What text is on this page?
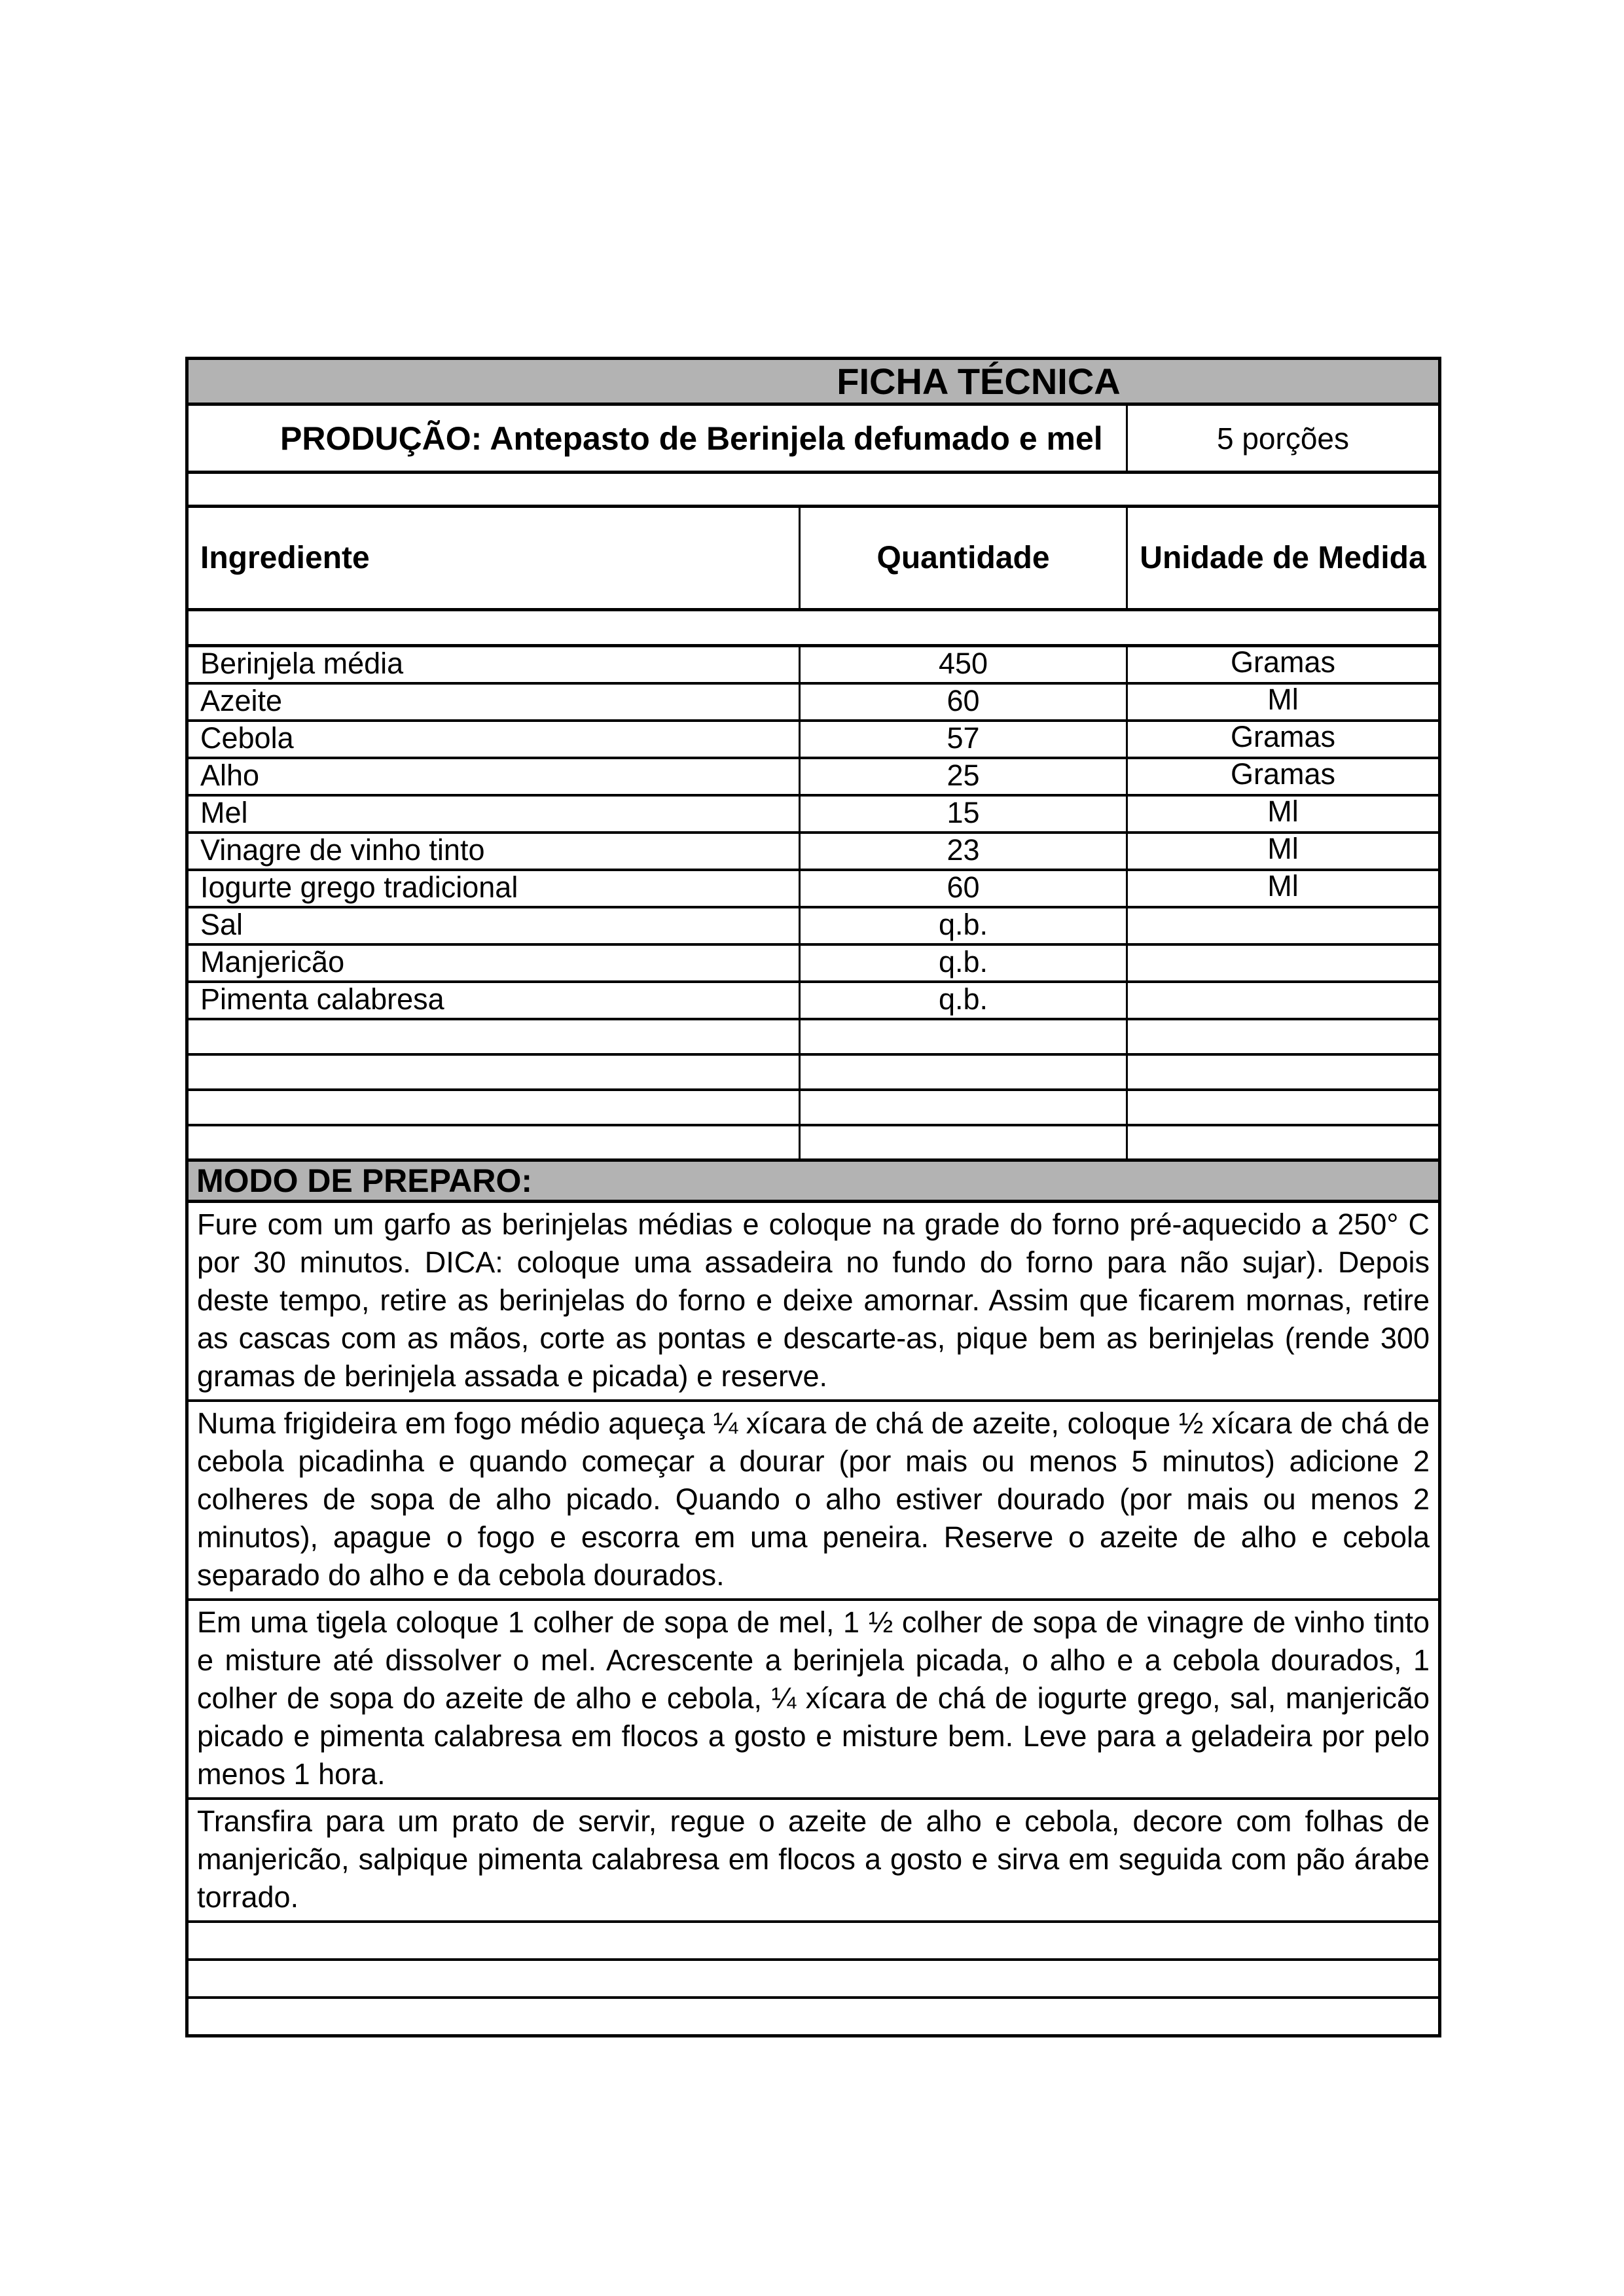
FICHA TÉCNICA		
PRODUÇÃO: Antepasto de Berinjela defumado e mel		5 porções

Ingrediente	Quantidade	Unidade de Medida

Berinjela média	450	Gramas
Azeite	60	Ml
Cebola	57	Gramas
Alho	25	Gramas
Mel	15	Ml
Vinagre de vinho tinto	23	Ml
Iogurte grego tradicional	60	Ml
Sal	q.b.	
Manjericão	q.b.	
Pimenta calabresa	q.b.	

MODO DE PREPARO:		
Fure com um garfo as berinjelas médias e coloque na grade do forno pré-aquecido a 250° C por 30 minutos. DICA: coloque uma assadeira no fundo do forno para não sujar). Depois deste tempo, retire as berinjelas do forno e deixe amornar. Assim que ficarem mornas, retire as cascas com as mãos, corte as pontas e descarte-as, pique bem as berinjelas (rende 300 gramas de berinjela assada e picada) e reserve.		
Numa frigideira em fogo médio aqueça ¼ xícara de chá de azeite, coloque ½ xícara de chá de cebola picadinha e quando começar a dourar (por mais ou menos 5 minutos) adicione 2 colheres de sopa de alho picado. Quando o alho estiver dourado (por mais ou menos 2 minutos), apague o fogo e escorra em uma peneira. Reserve o azeite de alho e cebola separado do alho e da cebola dourados.		
Em uma tigela coloque 1 colher de sopa de mel, 1 ½ colher de sopa de vinagre de vinho tinto e misture até dissolver o mel. Acrescente a berinjela picada, o alho e a cebola dourados, 1 colher de sopa do azeite de alho e cebola, ¼ xícara de chá de iogurte grego, sal, manjericão picado e pimenta calabresa em flocos a gosto e misture bem. Leve para a geladeira por pelo menos 1 hora.		
Transfira para um prato de servir, regue o azeite de alho e cebola, decore com folhas de manjericão, salpique pimenta calabresa em flocos a gosto e sirva em seguida com pão árabe torrado.		
